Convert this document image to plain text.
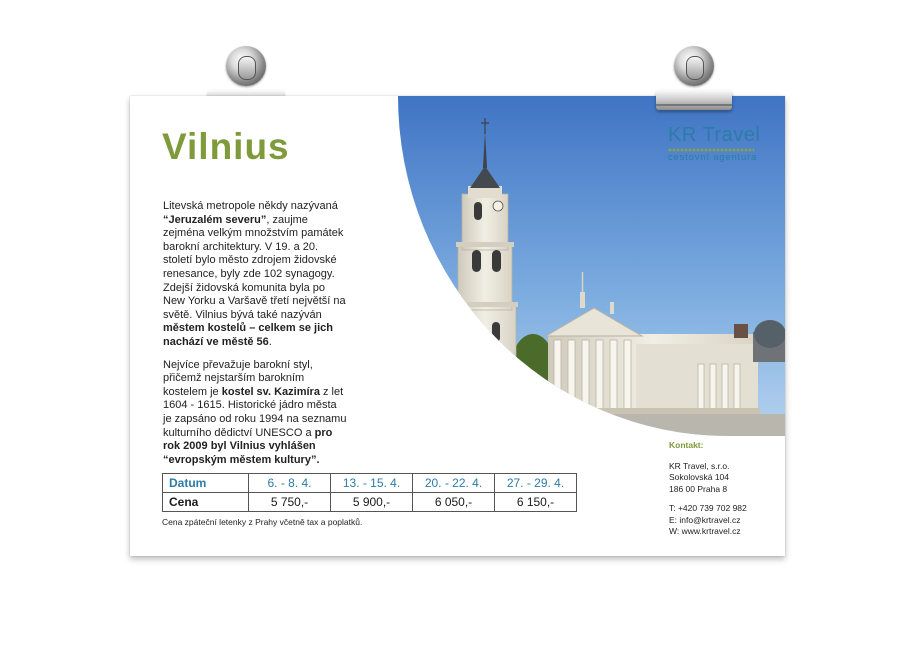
Vilnius

Litevská metropole někdy nazývaná “Jeruzalém severu”, zaujme zejména velkým množstvím památek barokní architektury. V 19. a 20. století bylo město zdrojem židovské renesance, byly zde 102 synagogy. Zdejší židovská komunita byla po New Yorku a Varšavě třetí největší na světě. Vilnius bývá také nazýván městem kostelů – celkem se jich nachází ve městě 56.

Nejvíce převažuje barokní styl, přičemž nejstarším barokním kostelem je kostel sv. Kazimíra z let 1604 - 1615. Historické jádro města je zapsáno od roku 1994 na seznamu kulturního dědictví UNESCO a pro rok 2009 byl Vilnius vyhlášen “evropským městem kultury”.

KR Travel
cestovní agentura
Kontakt:
KR Travel, s.r.o.
Sokolovská 104
186 00 Praha 8
T: +420 739 702 982
E: info@krtravel.cz
W: www.krtravel.cz
Datum	6. - 8. 4.	13. - 15. 4.	20. - 22. 4.	27. - 29. 4.
Cena	5 750,-	5 900,-	6 050,-	6 150,-
Cena zpáteční letenky z Prahy včetně tax a poplatků.
